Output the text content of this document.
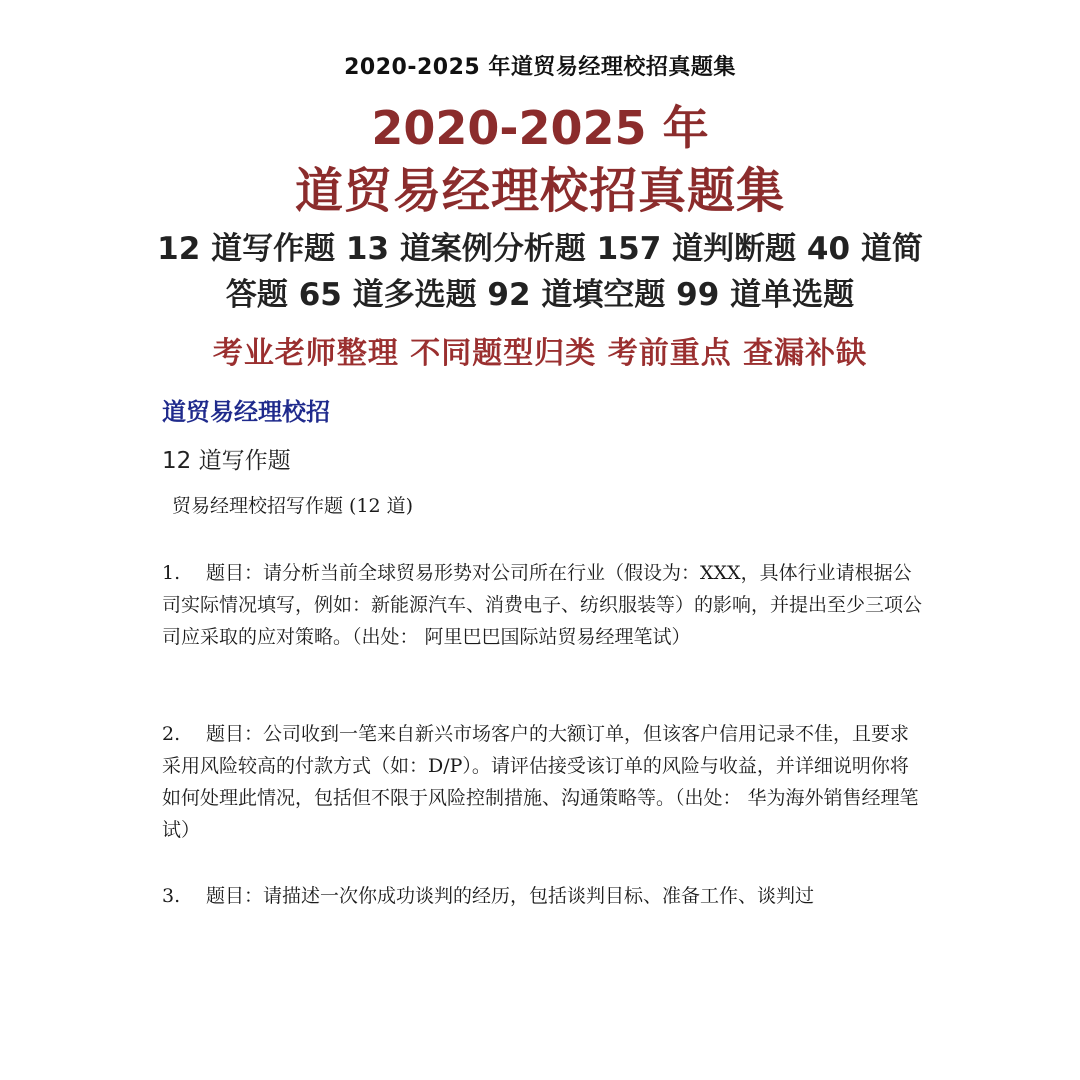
2020-2025 年道贸易经理校招真题集
2020-2025 年
道贸易经理校招真题集
12 道写作题 13 道案例分析题 157 道判断题 40 道简
答题 65 道多选题 92 道填空题 99 道单选题
考业老师整理 不同题型归类 考前重点 查漏补缺
道贸易经理校招
12 道写作题
贸易经理校招写作题 (12 道)
1. 题目：请分析当前全球贸易形势对公司所在行业（假设为：XXX，具体行业请根据公司实际情况填写，例如：新能源汽车、消费电子、纺织服装等）的影响，并提出至少三项公司应采取的应对策略。（出处： 阿里巴巴国际站贸易经理笔试）
2. 题目：公司收到一笔来自新兴市场客户的大额订单，但该客户信用记录不佳，且要求采用风险较高的付款方式（如：D/P）。请评估接受该订单的风险与收益，并详细说明你将如何处理此情况，包括但不限于风险控制措施、沟通策略等。（出处： 华为海外销售经理笔试）
3. 题目：请描述一次你成功谈判的经历，包括谈判目标、准备工作、谈判过
